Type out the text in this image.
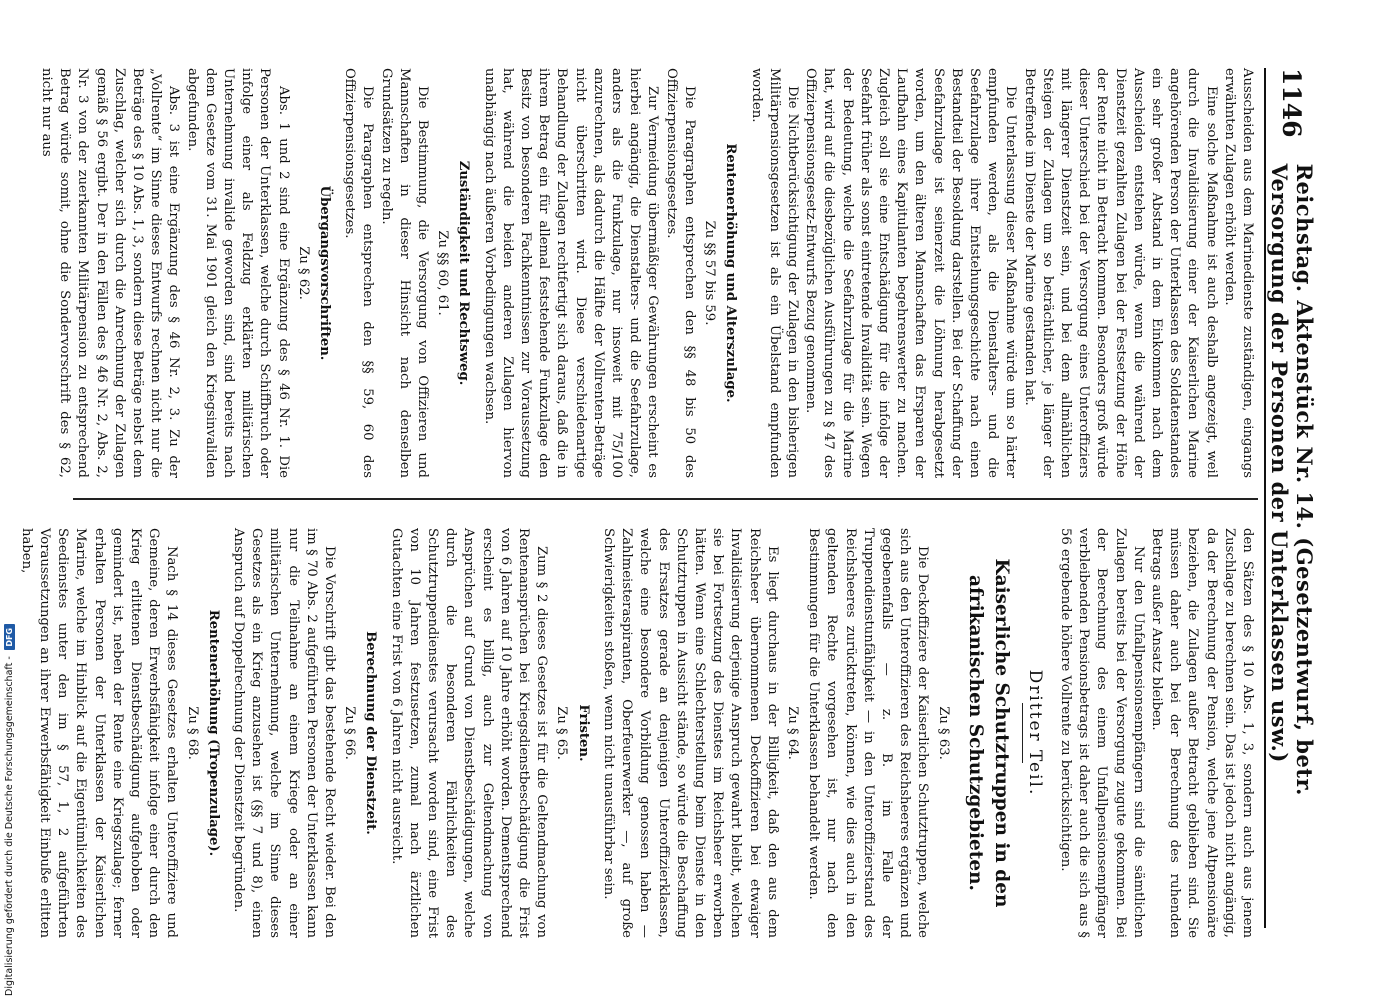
1146
Reichstag. Aktenstück Nr. 14. (Gesetzentwurf, betr. Versorgung der Personen der Unterklassen usw.)

Ausscheiden aus dem Marinedienste zuständigen, eingangs erwähnten Zulagen erhöht werden.

Eine solche Maßnahme ist auch deshalb angezeigt, weil durch die Invalidisierung einer der Kaiserlichen Marine angehörenden Person der Unterklassen des Soldatenstandes ein sehr großer Abstand in dem Einkommen nach dem Ausscheiden entstehen würde, wenn die während der Dienstzeit gezahlten Zulagen bei der Festsetzung der Höhe der Rente nicht in Betracht kommen. Besonders groß würde dieser Unterschied bei der Versorgung eines Unteroffiziers mit längerer Dienstzeit sein, und bei dem allmählichen Steigen der Zulagen um so beträchtlicher, je länger der Betreffende im Dienste der Marine gestanden hat.

Die Unterlassung dieser Maßnahme würde um so härter empfunden werden, als die Dienstalters- und die Seefahrzulage ihrer Entstehungsgeschichte nach einen Bestandteil der Besoldung darstellen. Bei der Schaffung der Seefahrzulage ist seinerzeit die Löhnung herabgesetzt worden, um den älteren Mannschaften das Ersparen der Laufbahn eines Kapitulanten begehrenswerter zu machen. Zugleich soll sie eine Entschädigung für die infolge der Seefahrt früher als sonst eintretende Invalidität sein. Wegen der Bedeutung, welche die Seefahrzulage für die Marine hat, wird auf die diesbezüglichen Ausführungen zu § 47 des Offizierpensionsgesetz-Entwurfs Bezug genommen.

Die Nichtberücksichtigung der Zulagen in den bisherigen Militärpensionsgesetzen ist als ein Übelstand empfunden worden.

Rentenerhöhung und Alterszulage.
Zu §§ 57 bis 59.

Die Paragraphen entsprechen den §§ 48 bis 50 des Offizierpensionsgesetzes.

Zur Vermeidung übermäßiger Gewährungen erscheint es hierbei angängig, die Dienstalters- und die Seefahrzulage, anders als die Funkzulage, nur insoweit mit 75/100 anzurechnen, als dadurch die Hälfte der Vollrenten-Beträge nicht überschritten wird. Diese verschiedenartige Behandlung der Zulagen rechtfertigt sich daraus, daß die in ihrem Betrag ein für allemal feststehende Funkzulage den Besitz von besonderen Fachkenntnissen zur Voraussetzung hat, während die beiden anderen Zulagen hiervon unabhängig nach äußeren Vorbedingungen wachsen.

Zuständigkeit und Rechtsweg.
Zu §§ 60, 61.

Die Bestimmung, die Versorgung von Offizieren und Mannschaften in dieser Hinsicht nach denselben Grundsätzen zu regeln.

Die Paragraphen entsprechen den §§ 59, 60 des Offizierpensionsgesetzes.

Übergangsvorschriften.
Zu § 62.

Abs. 1 und 2 sind eine Ergänzung des § 46 Nr. 1. Die Personen der Unterklassen, welche durch Schiffbruch oder infolge einer als Feldzug erklärten militärischen Unternehmung invalide geworden sind, sind bereits nach dem Gesetze vom 31. Mai 1901 gleich den Kriegsinvaliden abgefunden.

Abs. 3 ist eine Ergänzung des § 46 Nr. 2, 3. Zu der „Vollrente“ im Sinne dieses Entwurfs rechnen nicht nur die Beträge des § 10 Abs. 1, 3, sondern diese Beträge nebst dem Zuschlag, welcher sich durch die Anrechnung der Zulagen gemäß § 56 ergibt. Der in den Fällen des § 46 Nr. 2, Abs. 2, Nr. 3 von der zuerkannten Militärpension zu entsprechend Betrag würde somit, ohne die Sondervorschrift des § 62, nicht nur aus

den Sätzen des § 10 Abs. 1, 3, sondern auch aus jenem Zuschlage zu berechnen sein. Das ist jedoch nicht angängig, da der Berechnung der Pension, welche jene Altpensionäre beziehen, die Zulagen außer Betracht geblieben sind. Sie müssen daher auch bei der Berechnung des ruhenden Betrags außer Ansatz bleiben.

Nur den Unfallpensionsempfängern sind die sämtlichen Zulagen bereits bei der Versorgung zugute gekommen. Bei der Berechnung des einem Unfallpensionsempfänger verbleibenden Pensionsbetrags ist daher auch die sich aus § 56 ergebende höhere Vollrente zu berücksichtigen.

Dritter Teil.
Kaiserliche Schutztruppen in den afrikanischen Schutzgebieten.
Zu § 63.

Die Deckoffiziere der Kaiserlichen Schutztruppen, welche sich aus den Unteroffizieren des Reichsheeres ergänzen und gegebenenfalls — z. B. im Falle der Truppendienstunfähigkeit — in den Unteroffizierstand des Reichsheeres zurücktreten, können, wie dies auch in den geltenden Rechte vorgesehen ist, nur nach den Bestimmungen für die Unterklassen behandelt werden.

Zu § 64.

Es liegt durchaus in der Billigkeit, daß den aus dem Reichsheer übernommenen Deckoffizieren bei etwaiger Invalidisierung derjenige Anspruch gewahrt bleibt, welchen sie bei Fortsetzung des Dienstes im Reichsheer erworben hätten. Wenn eine Schlechterstellung beim Dienste in den Schutztruppen in Aussicht stände, so würde die Beschaffung des Ersatzes gerade an denjenigen Unteroffizierklassen, welche eine besondere Vorbildung genossen haben — Zahlmeisteraspiranten, Oberfeuerwerker —, auf große Schwierigkeiten stoßen, wenn nicht unausführbar sein.

Fristen.
Zu § 65.

Zum § 2 dieses Gesetzes ist für die Geltendmachung von Rentenansprüchen bei Kriegsdienstbeschädigung die Frist von 6 Jahren auf 10 Jahre erhöht worden. Dementsprechend erscheint es billig, auch zur Geltendmachung von Ansprüchen auf Grund von Dienstbeschädigungen, welche durch die besonderen Fährlichkeiten des Schutztruppendienstes verursacht worden sind, eine Frist von 10 Jahren festzusetzen, zumal nach ärztlichen Gutachten eine Frist von 6 Jahren nicht ausreicht.

Berechnung der Dienstzeit.
Zu § 66.

Die Vorschrift gibt das bestehende Recht wieder. Bei den im § 70 Abs. 2 aufgeführten Personen der Unterklassen kann nur die Teilnahme an einem Kriege oder an einer militärischen Unternehmung, welche im Sinne dieses Gesetzes als ein Krieg anzusehen ist (§§ 7 und 8), einen Anspruch auf Doppelrechnung der Dienstzeit begründen.

Rentenerhöhung (Tropenzulage).
Zu § 68.

Nach § 14 dieses Gesetzes erhalten Unteroffiziere und Gemeine, deren Erwerbsfähigkeit infolge einer durch den Krieg erlittenen Dienstbeschädigung aufgehoben oder gemindert ist, neben der Rente eine Kriegszulage; ferner erhalten Personen der Unterklassen der Kaiserlichen Marine, welche im Hinblick auf die Eigentümlichkeiten des Seedienstes unter den im § 57, 1, 2 aufgeführten Voraussetzungen an ihrer Erwerbsfähigkeit Einbuße erlitten haben,

Digitalisierung gefördert durch die Deutsche Forschungsgemeinschaft -
DFG
